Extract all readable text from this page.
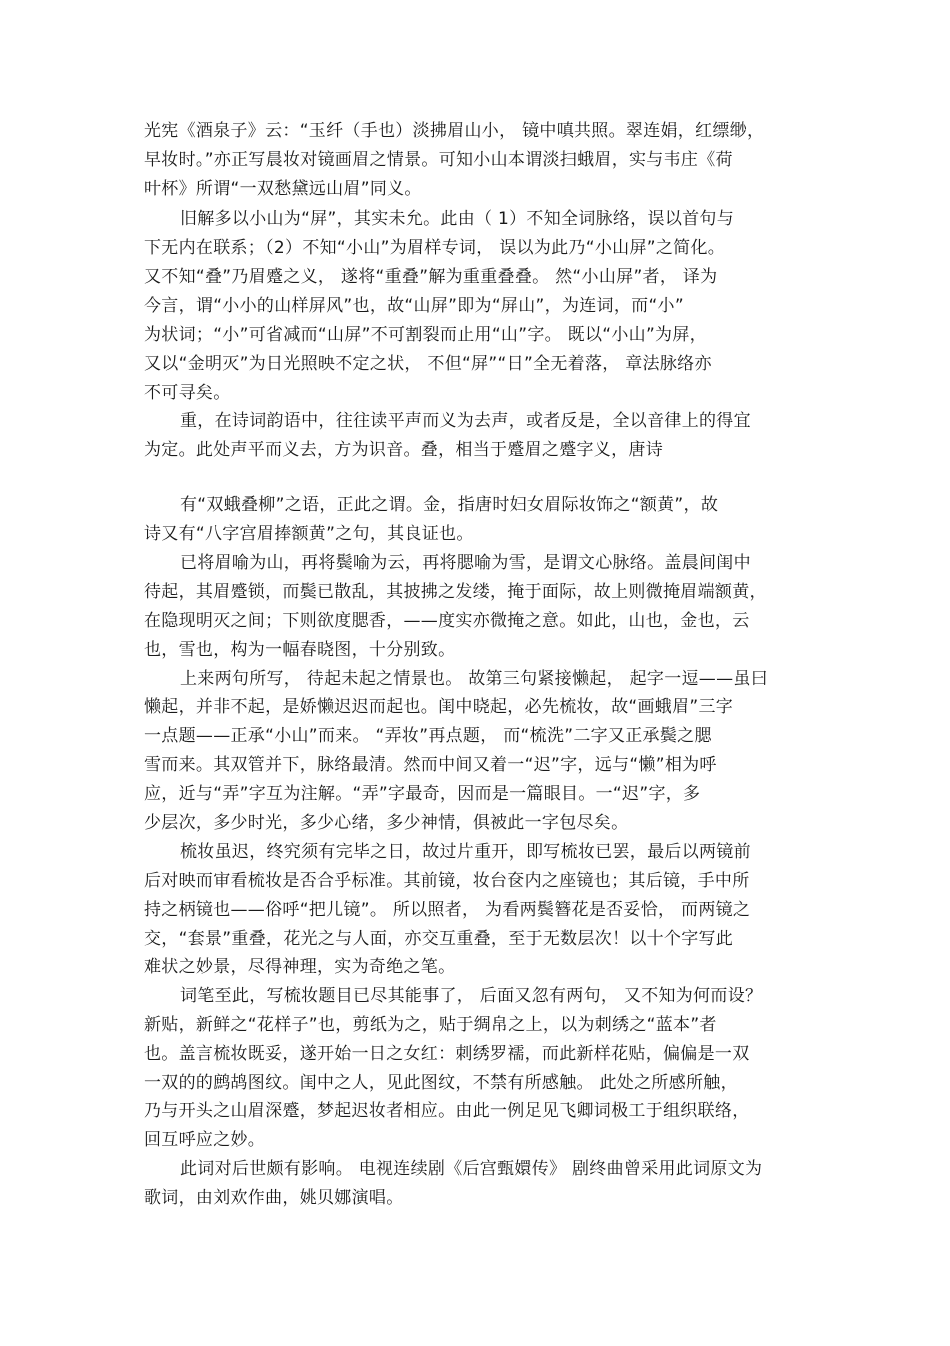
光宪《酒泉子》云：“玉纤（手也）淡拂眉山小， 镜中嗔共照。翠连娟，红缥缈，
早妆时。”亦正写晨妆对镜画眉之情景。可知小山本谓淡扫蛾眉，实与韦庄《荷
叶杯》所谓“一双愁黛远山眉”同义。
旧解多以小山为“屏”，其实未允。此由（ 1）不知全词脉络，误以首句与
下无内在联系；（2）不知“小山”为眉样专词， 误以为此乃“小山屏”之简化。
又不知“叠”乃眉蹙之义， 遂将“重叠”解为重重叠叠。 然“小山屏”者， 译为
今言，谓“小小的山样屏风”也，故“山屏”即为“屏山”，为连词，而“小”
为状词；“小”可省减而“山屏”不可割裂而止用“山”字。 既以“小山”为屏，
又以“金明灭”为日光照映不定之状， 不但“屏”“日”全无着落， 章法脉络亦
不可寻矣。
重，在诗词韵语中，往往读平声而义为去声，或者反是，全以音律上的得宜
为定。此处声平而义去，方为识音。叠，相当于蹙眉之蹙字义，唐诗
有“双蛾叠柳”之语，正此之谓。金，指唐时妇女眉际妆饰之“额黄”，故
诗又有“八字宫眉捧额黄”之句，其良证也。
已将眉喻为山，再将鬓喻为云，再将腮喻为雪，是谓文心脉络。盖晨间闺中
待起，其眉蹙锁，而鬓已散乱，其披拂之发缕，掩于面际，故上则微掩眉端额黄，
在隐现明灭之间；下则欲度腮香，——度实亦微掩之意。如此，山也，金也，云
也，雪也，构为一幅春晓图，十分别致。
上来两句所写， 待起未起之情景也。 故第三句紧接懒起， 起字一逗——虽曰
懒起，并非不起，是娇懒迟迟而起也。闺中晓起，必先梳妆，故“画蛾眉”三字
一点题——正承“小山”而来。 “弄妆”再点题， 而“梳洗”二字又正承鬓之腮
雪而来。其双管并下，脉络最清。然而中间又着一“迟”字，远与“懒”相为呼
应，近与“弄”字互为注解。“弄”字最奇，因而是一篇眼目。一“迟”字，多
少层次，多少时光，多少心绪，多少神情，俱被此一字包尽矣。
梳妆虽迟，终究须有完毕之日，故过片重开，即写梳妆已罢，最后以两镜前
后对映而审看梳妆是否合乎标准。其前镜，妆台奁内之座镜也；其后镜，手中所
持之柄镜也——俗呼“把儿镜”。 所以照者， 为看两鬓簪花是否妥恰， 而两镜之
交，“套景”重叠，花光之与人面，亦交互重叠，至于无数层次！以十个字写此
难状之妙景，尽得神理，实为奇绝之笔。
词笔至此，写梳妆题目已尽其能事了， 后面又忽有两句， 又不知为何而设？
新贴，新鲜之“花样子”也，剪纸为之，贴于绸帛之上，以为刺绣之“蓝本”者
也。盖言梳妆既妥，遂开始一日之女红：刺绣罗襦，而此新样花贴，偏偏是一双
一双的的鹧鸪图纹。闺中之人，见此图纹，不禁有所感触。 此处之所感所触，
乃与开头之山眉深蹙，梦起迟妆者相应。由此一例足见飞卿词极工于组织联络，
回互呼应之妙。
此词对后世颇有影响。 电视连续剧《后宫甄嬛传》 剧终曲曾采用此词原文为
歌词，由刘欢作曲，姚贝娜演唱。
